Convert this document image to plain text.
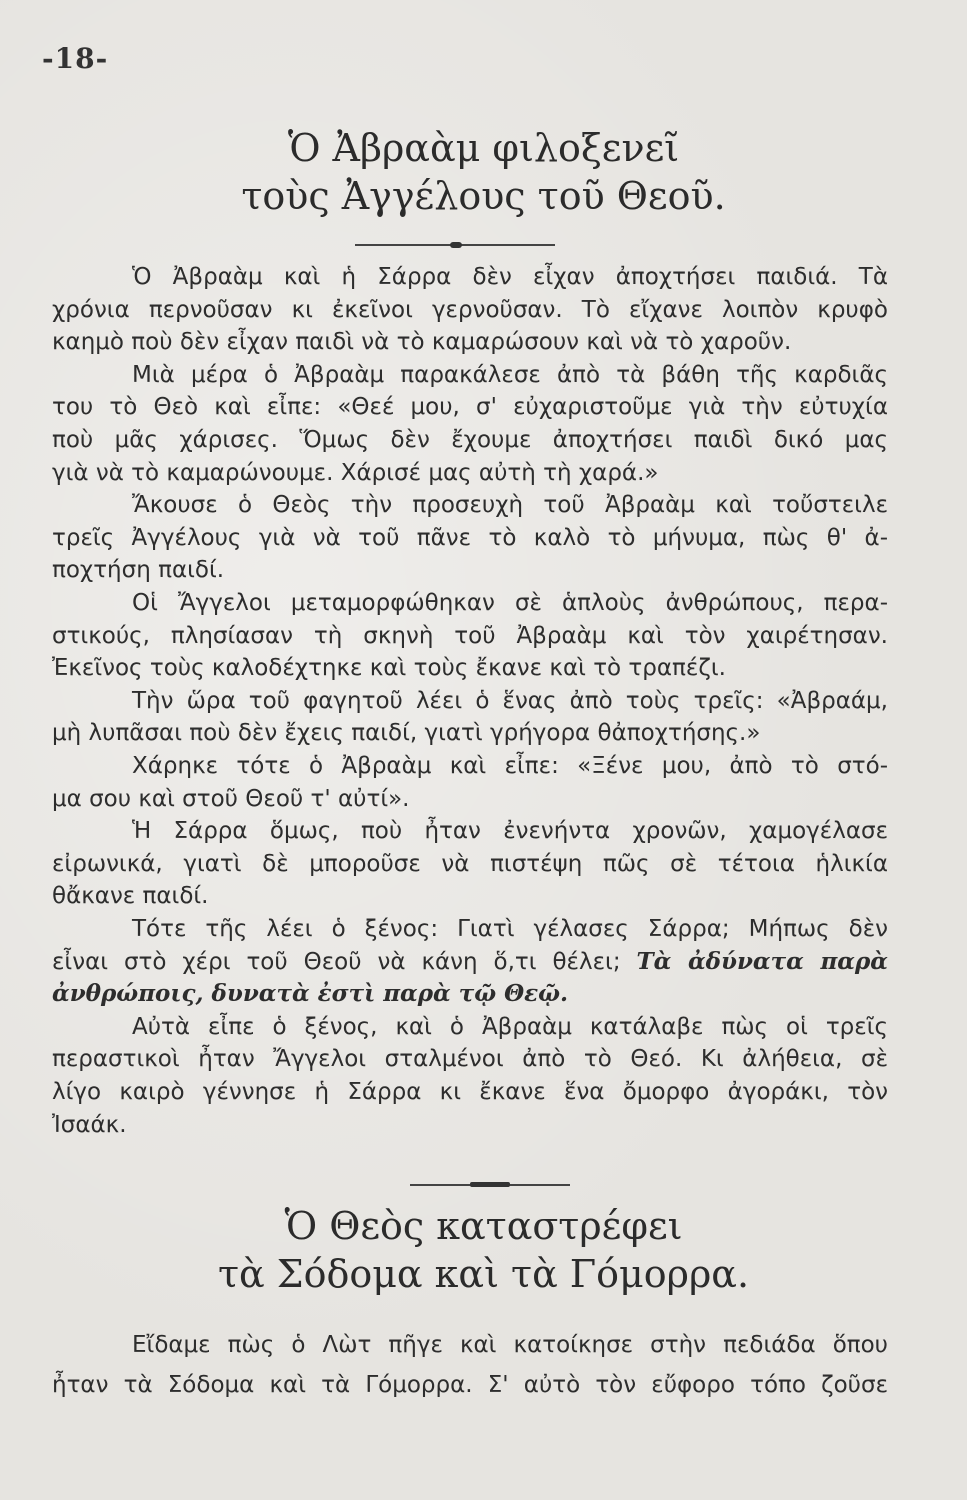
-18-
Ὁ Ἀβραὰμ φιλοξενεῖ
τοὺς Ἀγγέλους τοῦ Θεοῦ.
Ὁ Ἀβραὰμ καὶ ἡ Σάρρα δὲν εἶχαν ἀποχτήσει παιδιά. Τὰ
χρόνια περνοῦσαν κι ἐκεῖνοι γερνοῦσαν. Τὸ εἴχανε λοιπὸν κρυφὸ
καημὸ ποὺ δὲν εἶχαν παιδὶ νὰ τὸ καμαρώσουν καὶ νὰ τὸ χαροῦν.
Μιὰ μέρα ὁ Ἀβραὰμ παρακάλεσε ἀπὸ τὰ βάθη τῆς καρδιᾶς
του τὸ Θεὸ καὶ εἶπε: «Θεέ μου, σ' εὐχαριστοῦμε γιὰ τὴν εὐτυχία
ποὺ μᾶς χάρισες. Ὅμως δὲν ἔχουμε ἀποχτήσει παιδὶ δικό μας
γιὰ νὰ τὸ καμαρώνουμε. Χάρισέ μας αὐτὴ τὴ χαρά.»
Ἄκουσε ὁ Θεὸς τὴν προσευχὴ τοῦ Ἀβραὰμ καὶ τοὔστειλε
τρεῖς Ἀγγέλους γιὰ νὰ τοῦ πᾶνε τὸ καλὸ τὸ μήνυμα, πὼς θ' ἀ-
ποχτήση παιδί.
Οἱ Ἄγγελοι μεταμορφώθηκαν σὲ ἁπλοὺς ἀνθρώπους, περα-
στικούς, πλησίασαν τὴ σκηνὴ τοῦ Ἀβραὰμ καὶ τὸν χαιρέτησαν.
Ἐκεῖνος τοὺς καλοδέχτηκε καὶ τοὺς ἔκανε καὶ τὸ τραπέζι.
Τὴν ὥρα τοῦ φαγητοῦ λέει ὁ ἕνας ἀπὸ τοὺς τρεῖς: «Ἀβραάμ,
μὴ λυπᾶσαι ποὺ δὲν ἔχεις παιδί, γιατὶ γρήγορα θἀποχτήσης.»
Χάρηκε τότε ὁ Ἀβραὰμ καὶ εἶπε: «Ξένε μου, ἀπὸ τὸ στό-
μα σου καὶ στοῦ Θεοῦ τ' αὐτί».
Ἡ Σάρρα ὅμως, ποὺ ἦταν ἐνενήντα χρονῶν, χαμογέλασε
εἰρωνικά, γιατὶ δὲ μποροῦσε νὰ πιστέψη πῶς σὲ τέτοια ἡλικία
θἄκανε παιδί.
Τότε τῆς λέει ὁ ξένος: Γιατὶ γέλασες Σάρρα; Μήπως δὲν
εἶναι στὸ χέρι τοῦ Θεοῦ νὰ κάνη ὅ,τι θέλει; Τὰ ἀδύνατα παρὰ
ἀνθρώποις, δυνατὰ ἐστὶ παρὰ τῷ Θεῷ.
Αὐτὰ εἶπε ὁ ξένος, καὶ ὁ Ἀβραὰμ κατάλαβε πὼς οἱ τρεῖς
περαστικοὶ ἦταν Ἄγγελοι σταλμένοι ἀπὸ τὸ Θεό. Κι ἀλήθεια, σὲ
λίγο καιρὸ γέννησε ἡ Σάρρα κι ἔκανε ἕνα ὄμορφο ἀγοράκι, τὸν
Ἰσαάκ.
Ὁ Θεὸς καταστρέφει
τὰ Σόδομα καὶ τὰ Γόμορρα.
Εἴδαμε πὼς ὁ Λὼτ πῆγε καὶ κατοίκησε στὴν πεδιάδα ὅπου
ἦταν τὰ Σόδομα καὶ τὰ Γόμορρα. Σ' αὐτὸ τὸν εὔφορο τόπο ζοῦσε
